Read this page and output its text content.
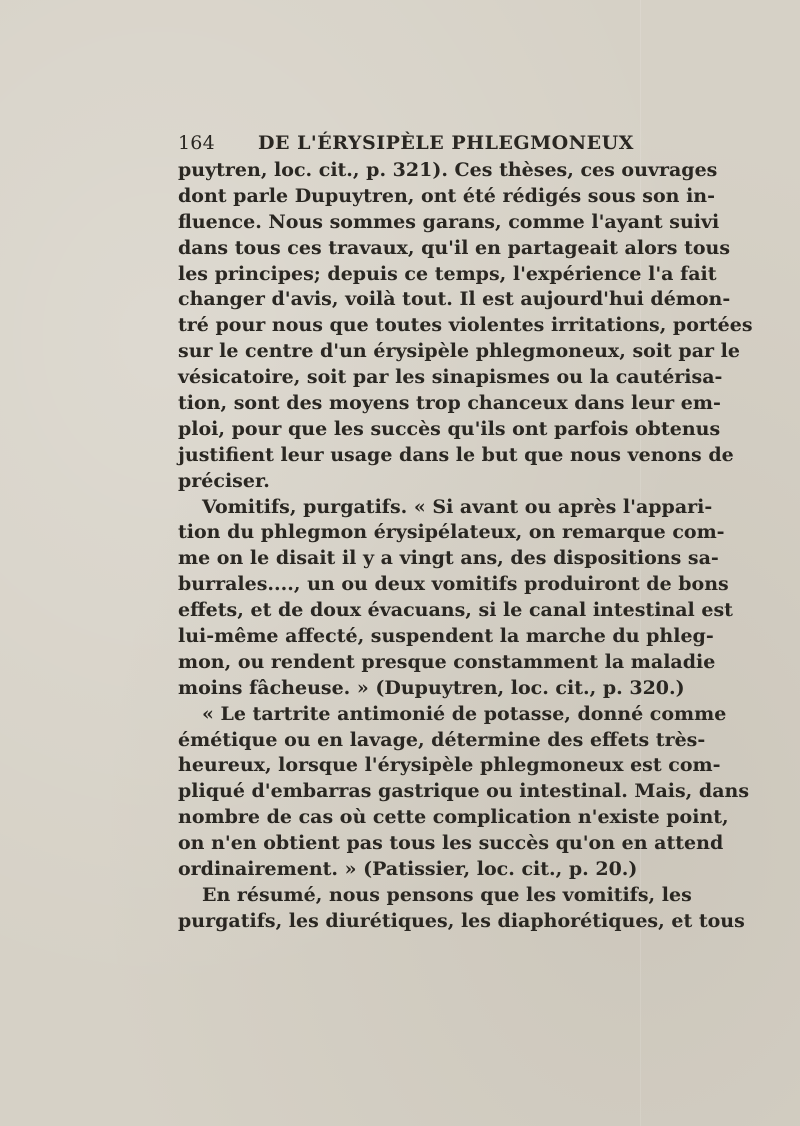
164 DE L'ÉRYSIPÈLE PHLEGMONEUX
puytren, loc. cit., p. 321). Ces thèses, ces ouvrages
dont parle Dupuytren, ont été rédigés sous son in-
fluence. Nous sommes garans, comme l'ayant suivi
dans tous ces travaux, qu'il en partageait alors tous
les principes; depuis ce temps, l'expérience l'a fait
changer d'avis, voilà tout. Il est aujourd'hui démon-
tré pour nous que toutes violentes irritations, portées
sur le centre d'un érysipèle phlegmoneux, soit par le
vésicatoire, soit par les sinapismes ou la cautérisa-
tion, sont des moyens trop chanceux dans leur em-
ploi, pour que les succès qu'ils ont parfois obtenus
justifient leur usage dans le but que nous venons de
préciser.
Vomitifs, purgatifs. « Si avant ou après l'appari-
tion du phlegmon érysipélateux, on remarque com-
me on le disait il y a vingt ans, des dispositions sa-
burrales...., un ou deux vomitifs produiront de bons
effets, et de doux évacuans, si le canal intestinal est
lui-même affecté, suspendent la marche du phleg-
mon, ou rendent presque constamment la maladie
moins fâcheuse. » (Dupuytren, loc. cit., p. 320.)
« Le tartrite antimonié de potasse, donné comme
émétique ou en lavage, détermine des effets très-
heureux, lorsque l'érysipèle phlegmoneux est com-
pliqué d'embarras gastrique ou intestinal. Mais, dans
nombre de cas où cette complication n'existe point,
on n'en obtient pas tous les succès qu'on en attend
ordinairement. » (Patissier, loc. cit., p. 20.)
En résumé, nous pensons que les vomitifs, les
purgatifs, les diurétiques, les diaphorétiques, et tous
